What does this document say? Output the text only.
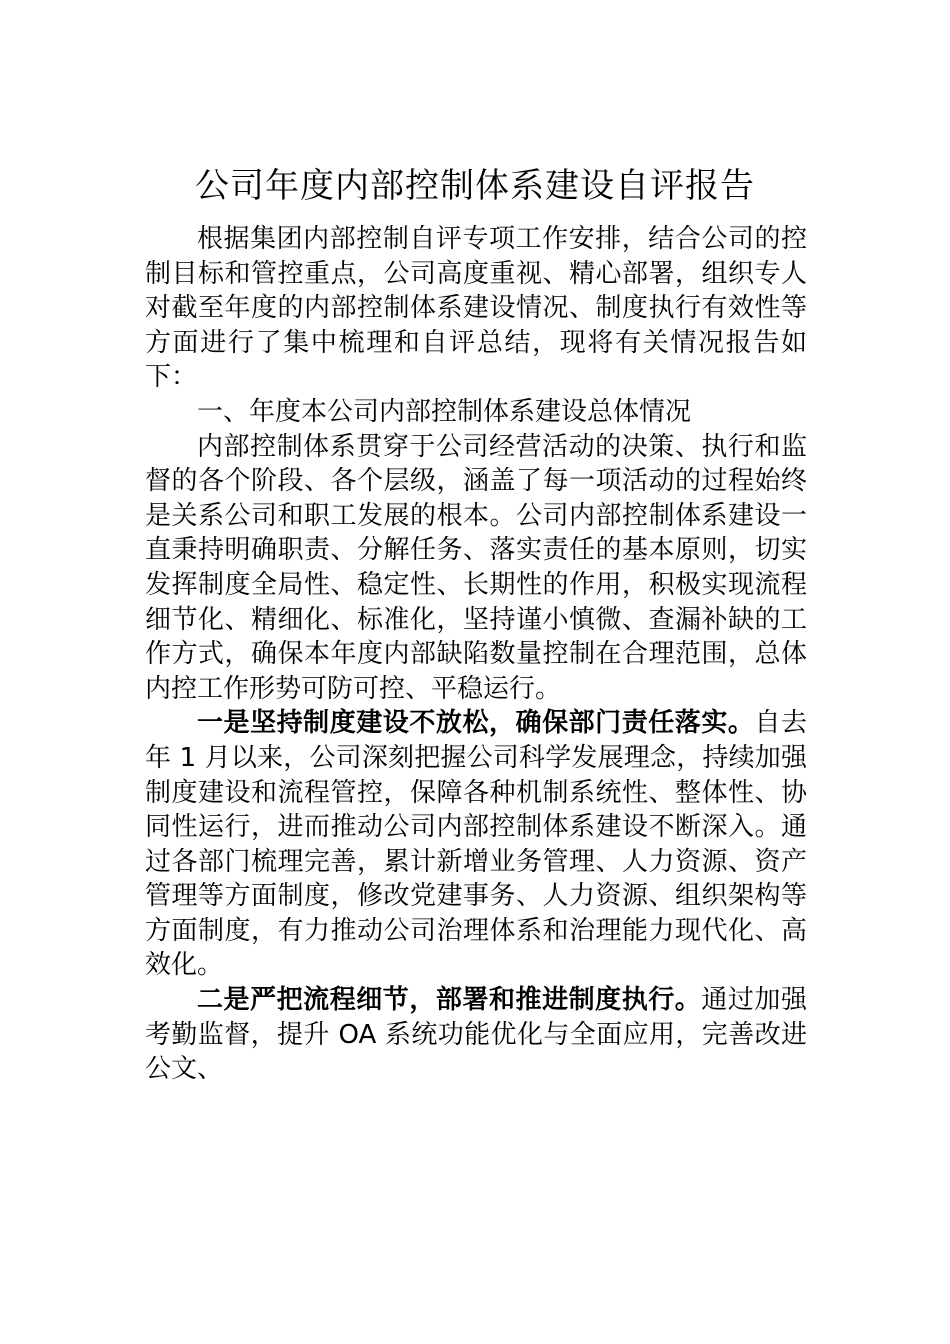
公司年度内部控制体系建设自评报告

根据集团内部控制自评专项工作安排，结合公司的控制目标和管控重点，公司高度重视、精心部署，组织专人对截至年度的内部控制体系建设情况、制度执行有效性等方面进行了集中梳理和自评总结，现将有关情况报告如下：

一、年度本公司内部控制体系建设总体情况

内部控制体系贯穿于公司经营活动的决策、执行和监督的各个阶段、各个层级，涵盖了每一项活动的过程始终是关系公司和职工发展的根本。公司内部控制体系建设一直秉持明确职责、分解任务、落实责任的基本原则，切实发挥制度全局性、稳定性、长期性的作用，积极实现流程细节化、精细化、标准化，坚持谨小慎微、查漏补缺的工作方式，确保本年度内部缺陷数量控制在合理范围，总体内控工作形势可防可控、平稳运行。

一是坚持制度建设不放松，确保部门责任落实。自去年 1 月以来，公司深刻把握公司科学发展理念，持续加强制度建设和流程管控，保障各种机制系统性、整体性、协同性运行，进而推动公司内部控制体系建设不断深入。通过各部门梳理完善，累计新增业务管理、人力资源、资产管理等方面制度，修改党建事务、人力资源、组织架构等方面制度，有力推动公司治理体系和治理能力现代化、高效化。

二是严把流程细节，部署和推进制度执行。通过加强考勤监督，提升 OA 系统功能优化与全面应用，完善改进公文、
